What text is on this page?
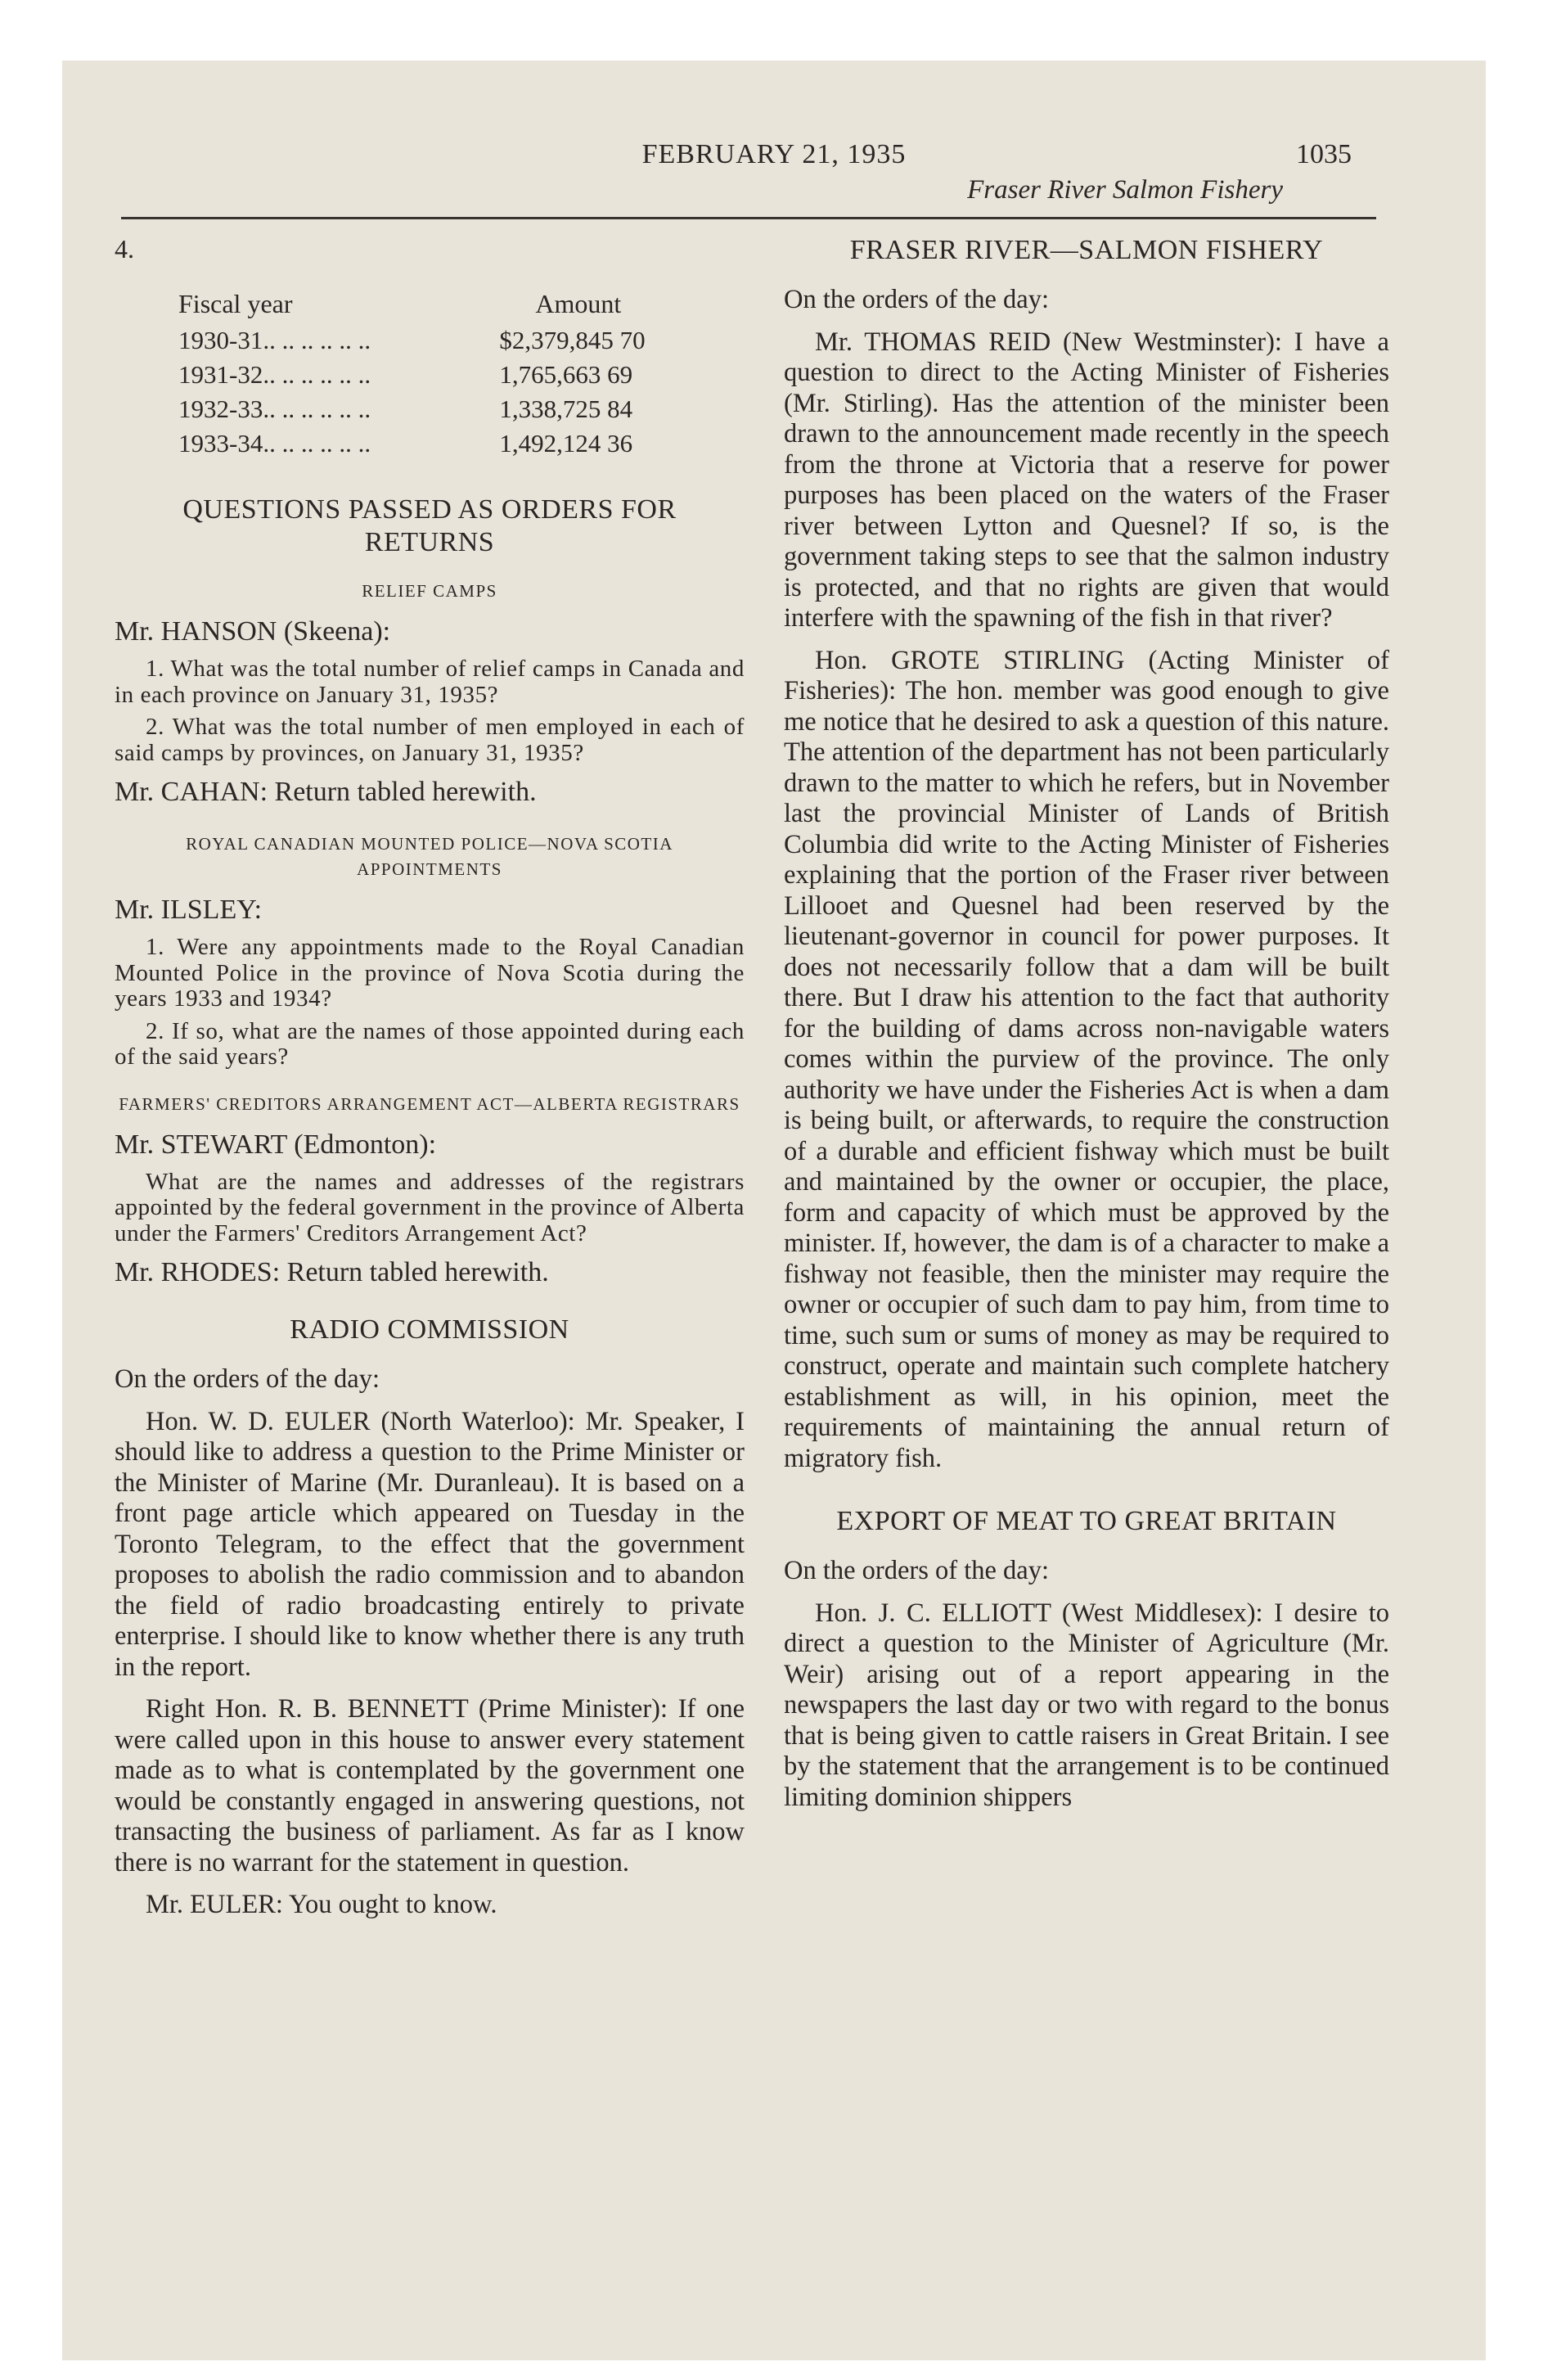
FEBRUARY 21, 1935	1035
Fraser River Salmon Fishery
4.
Fiscal year	Amount
1930-31.. .. .. .. .. ..	$2,379,845 70
1931-32.. .. .. .. .. ..	1,765,663 69
1932-33.. .. .. .. .. ..	1,338,725 84
1933-34.. .. .. .. .. ..	1,492,124 36
QUESTIONS PASSED AS ORDERS FOR RETURNS
RELIEF CAMPS
Mr. HANSON (Skeena):

1. What was the total number of relief camps in Canada and in each province on January 31, 1935?

2. What was the total number of men employed in each of said camps by provinces, on January 31, 1935?

Mr. CAHAN: Return tabled herewith.
ROYAL CANADIAN MOUNTED POLICE—NOVA SCOTIA APPOINTMENTS
Mr. ILSLEY:

1. Were any appointments made to the Royal Canadian Mounted Police in the province of Nova Scotia during the years 1933 and 1934?

2. If so, what are the names of those appointed during each of the said years?

FARMERS' CREDITORS ARRANGEMENT ACT—ALBERTA REGISTRARS
Mr. STEWART (Edmonton):

What are the names and addresses of the registrars appointed by the federal government in the province of Alberta under the Farmers' Creditors Arrangement Act?

Mr. RHODES: Return tabled herewith.
RADIO COMMISSION

On the orders of the day:

Hon. W. D. EULER (North Waterloo): Mr. Speaker, I should like to address a question to the Prime Minister or the Minister of Marine (Mr. Duranleau). It is based on a front page article which appeared on Tuesday in the Toronto Telegram, to the effect that the government proposes to abolish the radio commission and to abandon the field of radio broadcasting entirely to private enterprise. I should like to know whether there is any truth in the report.

Right Hon. R. B. BENNETT (Prime Minister): If one were called upon in this house to answer every statement made as to what is contemplated by the government one would be constantly engaged in answering questions, not transacting the business of parliament. As far as I know there is no warrant for the statement in question.

Mr. EULER: You ought to know.

FRASER RIVER—SALMON FISHERY

On the orders of the day:

Mr. THOMAS REID (New Westminster): I have a question to direct to the Acting Minister of Fisheries (Mr. Stirling). Has the attention of the minister been drawn to the announcement made recently in the speech from the throne at Victoria that a reserve for power purposes has been placed on the waters of the Fraser river between Lytton and Quesnel? If so, is the government taking steps to see that the salmon industry is protected, and that no rights are given that would interfere with the spawning of the fish in that river?

Hon. GROTE STIRLING (Acting Minister of Fisheries): The hon. member was good enough to give me notice that he desired to ask a question of this nature. The attention of the department has not been particularly drawn to the matter to which he refers, but in November last the provincial Minister of Lands of British Columbia did write to the Acting Minister of Fisheries explaining that the portion of the Fraser river between Lillooet and Quesnel had been reserved by the lieutenant-governor in council for power purposes. It does not necessarily follow that a dam will be built there. But I draw his attention to the fact that authority for the building of dams across non-navigable waters comes within the purview of the province. The only authority we have under the Fisheries Act is when a dam is being built, or afterwards, to require the construction of a durable and efficient fishway which must be built and maintained by the owner or occupier, the place, form and capacity of which must be approved by the minister. If, however, the dam is of a character to make a fishway not feasible, then the minister may require the owner or occupier of such dam to pay him, from time to time, such sum or sums of money as may be required to construct, operate and maintain such complete hatchery establishment as will, in his opinion, meet the requirements of maintaining the annual return of migratory fish.

EXPORT OF MEAT TO GREAT BRITAIN

On the orders of the day:

Hon. J. C. ELLIOTT (West Middlesex): I desire to direct a question to the Minister of Agriculture (Mr. Weir) arising out of a report appearing in the newspapers the last day or two with regard to the bonus that is being given to cattle raisers in Great Britain. I see by the statement that the arrangement is to be continued limiting dominion shippers
